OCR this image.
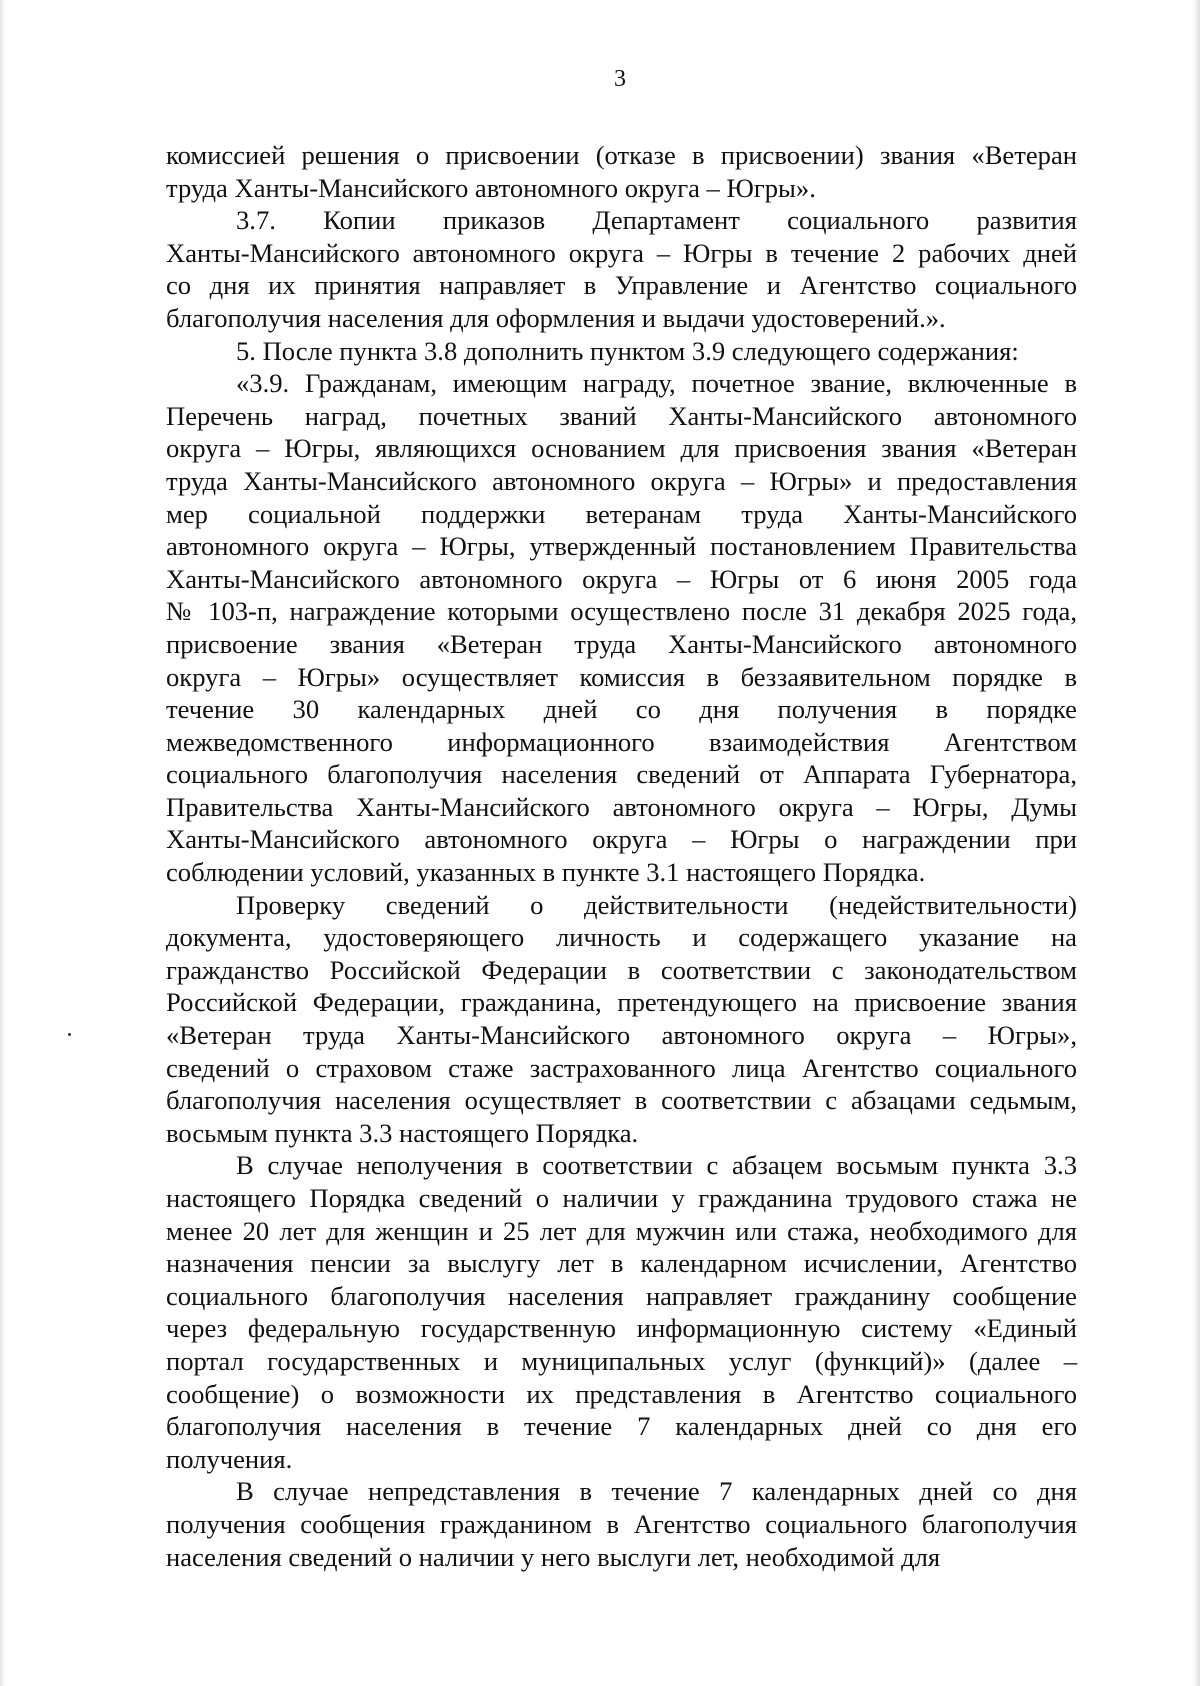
3

комиссией решения о присвоении (отказе в присвоении) звания «Ветеран
труда Ханты-Мансийского автономного округа – Югры».

3.7. Копии приказов Департамент социального развития
Ханты-Мансийского автономного округа – Югры в течение 2 рабочих дней
со дня их принятия направляет в Управление и Агентство социального
благополучия населения для оформления и выдачи удостоверений.».

5. После пункта 3.8 дополнить пунктом 3.9 следующего содержания:

«3.9. Гражданам, имеющим награду, почетное звание, включенные в
Перечень наград, почетных званий Ханты-Мансийского автономного
округа – Югры, являющихся основанием для присвоения звания «Ветеран
труда Ханты-Мансийского автономного округа – Югры» и предоставления
мер социальной поддержки ветеранам труда Ханты-Мансийского
автономного округа – Югры, утвержденный постановлением Правительства
Ханты-Мансийского автономного округа – Югры от 6 июня 2005 года
№ 103-п, награждение которыми осуществлено после 31 декабря 2025 года,
присвоение звания «Ветеран труда Ханты-Мансийского автономного
округа – Югры» осуществляет комиссия в беззаявительном порядке в
течение 30 календарных дней со дня получения в порядке
межведомственного информационного взаимодействия Агентством
социального благополучия населения сведений от Аппарата Губернатора,
Правительства Ханты-Мансийского автономного округа – Югры, Думы
Ханты-Мансийского автономного округа – Югры о награждении при
соблюдении условий, указанных в пункте 3.1 настоящего Порядка.

Проверку сведений о действительности (недействительности)
документа, удостоверяющего личность и содержащего указание на
гражданство Российской Федерации в соответствии с законодательством
Российской Федерации, гражданина, претендующего на присвоение звания
«Ветеран труда Ханты-Мансийского автономного округа – Югры»,
сведений о страховом стаже застрахованного лица Агентство социального
благополучия населения осуществляет в соответствии с абзацами седьмым,
восьмым пункта 3.3 настоящего Порядка.

В случае неполучения в соответствии с абзацем восьмым пункта 3.3
настоящего Порядка сведений о наличии у гражданина трудового стажа не
менее 20 лет для женщин и 25 лет для мужчин или стажа, необходимого для
назначения пенсии за выслугу лет в календарном исчислении, Агентство
социального благополучия населения направляет гражданину сообщение
через федеральную государственную информационную систему «Единый
портал государственных и муниципальных услуг (функций)» (далее –
сообщение) о возможности их представления в Агентство социального
благополучия населения в течение 7 календарных дней со дня его
получения.

В случае непредставления в течение 7 календарных дней со дня
получения сообщения гражданином в Агентство социального благополучия
населения сведений о наличии у него выслуги лет, необходимой для
